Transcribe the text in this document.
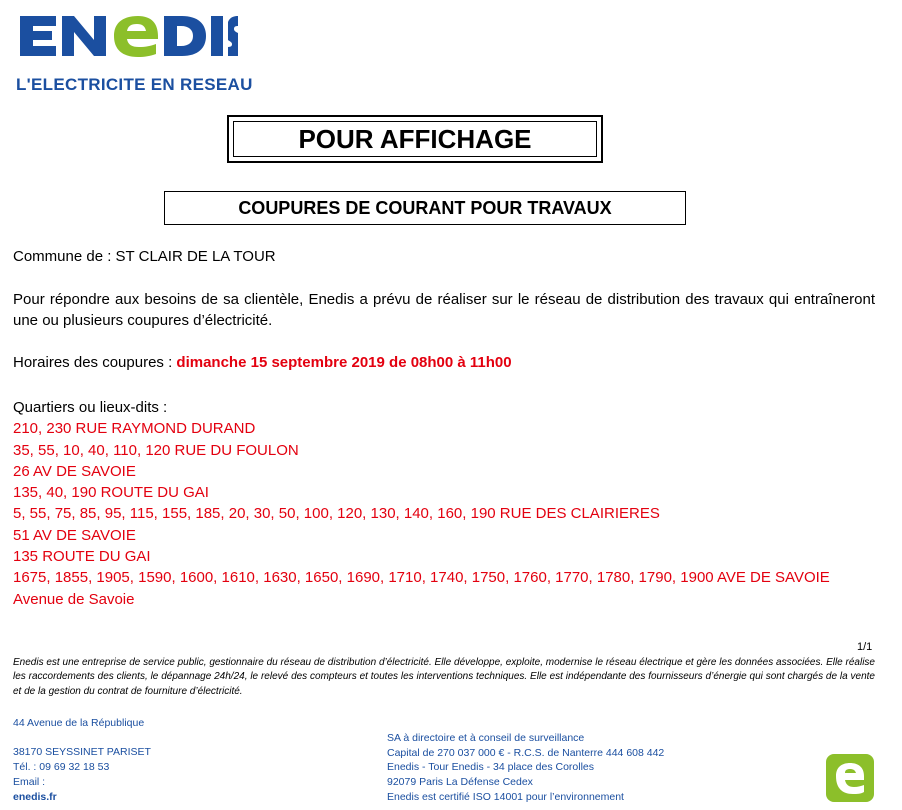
L'ELECTRICITE EN RESEAU
POUR AFFICHAGE
COUPURES DE COURANT POUR TRAVAUX
Commune de : ST CLAIR DE LA TOUR
Pour répondre aux besoins de sa clientèle, Enedis a prévu de réaliser sur le réseau de distribution des travaux qui entraîneront une ou plusieurs coupures d’électricité.
Horaires des coupures : dimanche 15 septembre 2019 de 08h00 à 11h00
Quartiers ou lieux-dits :
210, 230 RUE RAYMOND DURAND
35, 55, 10, 40, 110, 120 RUE DU FOULON
26 AV DE SAVOIE
135, 40, 190 ROUTE DU GAI
5, 55, 75, 85, 95, 115, 155, 185, 20, 30, 50, 100, 120, 130, 140, 160, 190 RUE DES CLAIRIERES
51 AV DE SAVOIE
135 ROUTE DU GAI
1675, 1855, 1905, 1590, 1600, 1610, 1630, 1650, 1690, 1710, 1740, 1750, 1760, 1770, 1780, 1790, 1900 AVE DE SAVOIE
Avenue de Savoie
1/1
Enedis est une entreprise de service public, gestionnaire du réseau de distribution d’électricité. Elle développe, exploite, modernise le réseau électrique et gère les données associées. Elle réalise les raccordements des clients, le dépannage 24h/24, le relevé des compteurs et toutes les interventions techniques. Elle est indépendante des fournisseurs d’énergie qui sont chargés de la vente et de la gestion du contrat de fourniture d’électricité.
44 Avenue de la République
38170 SEYSSINET PARISET
Tél. : 09 69 32 18 53
Email :
enedis.fr
SA à directoire et à conseil de surveillance
Capital de 270 037 000 € - R.C.S. de Nanterre 444 608 442
Enedis - Tour Enedis - 34 place des Corolles
92079 Paris La Défense Cedex
Enedis est certifié ISO 14001 pour l’environnement
